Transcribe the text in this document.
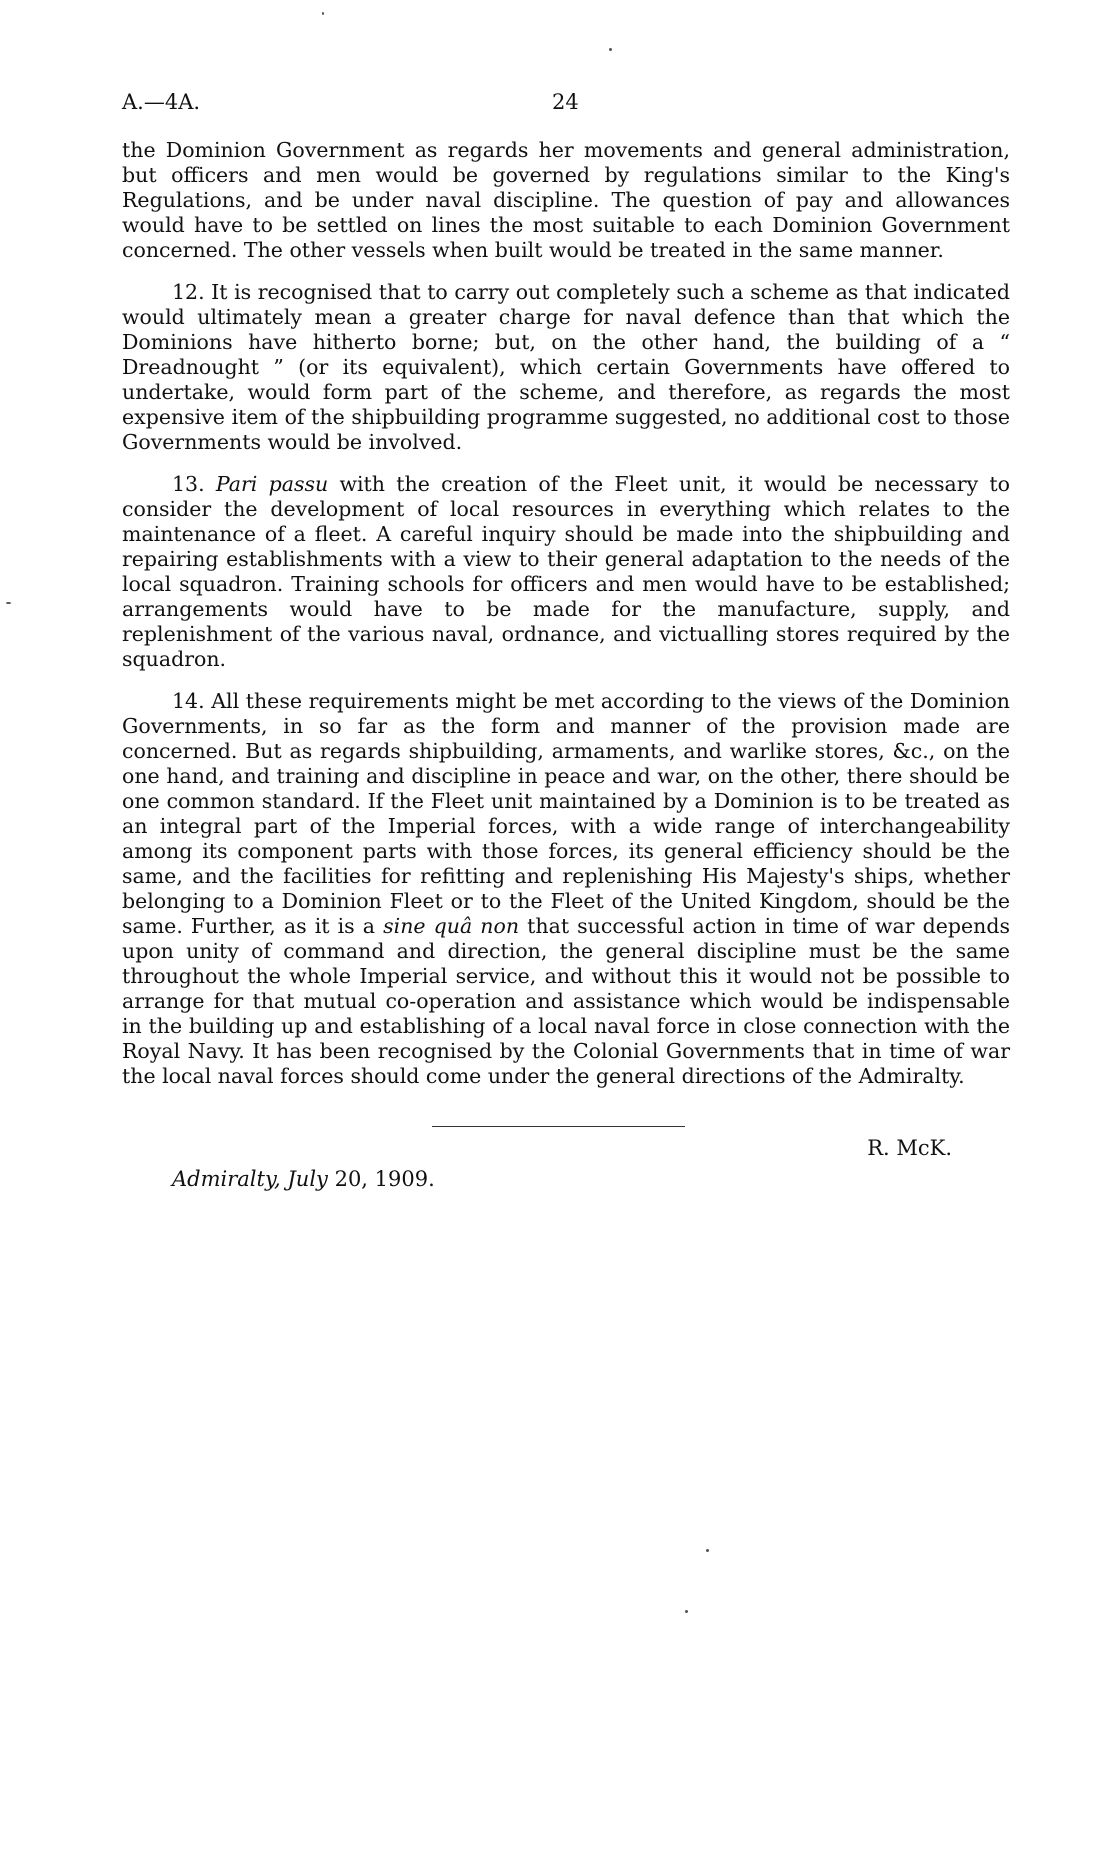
A.—4A.	24

the Dominion Government as regards her movements and general administration, but officers and men would be governed by regulations similar to the King's Regulations, and be under naval discipline. The question of pay and allowances would have to be settled on lines the most suitable to each Dominion Government concerned. The other vessels when built would be treated in the same manner.

12. It is recognised that to carry out completely such a scheme as that indicated would ultimately mean a greater charge for naval defence than that which the Dominions have hitherto borne; but, on the other hand, the building of a “ Dreadnought ” (or its equivalent), which certain Governments have offered to undertake, would form part of the scheme, and therefore, as regards the most expensive item of the shipbuilding programme suggested, no additional cost to those Governments would be involved.

13. Pari passu with the creation of the Fleet unit, it would be necessary to consider the development of local resources in everything which relates to the maintenance of a fleet. A careful inquiry should be made into the shipbuilding and repairing establishments with a view to their general adaptation to the needs of the local squadron. Training schools for officers and men would have to be established; arrangements would have to be made for the manufacture, supply, and replenishment of the various naval, ordnance, and victualling stores required by the squadron.

14. All these requirements might be met according to the views of the Dominion Governments, in so far as the form and manner of the provision made are concerned. But as regards shipbuilding, armaments, and warlike stores, &c., on the one hand, and training and discipline in peace and war, on the other, there should be one common standard. If the Fleet unit maintained by a Dominion is to be treated as an integral part of the Imperial forces, with a wide range of interchangeability among its component parts with those forces, its general efficiency should be the same, and the facilities for refitting and replenishing His Majesty's ships, whether belonging to a Dominion Fleet or to the Fleet of the United Kingdom, should be the same. Further, as it is a sine quâ non that successful action in time of war depends upon unity of command and direction, the general discipline must be the same throughout the whole Imperial service, and without this it would not be possible to arrange for that mutual co-operation and assistance which would be indispensable in the building up and establishing of a local naval force in close connection with the Royal Navy. It has been recognised by the Colonial Governments that in time of war the local naval forces should come under the general directions of the Admiralty.

R. McK.
Admiralty, July 20, 1909.
